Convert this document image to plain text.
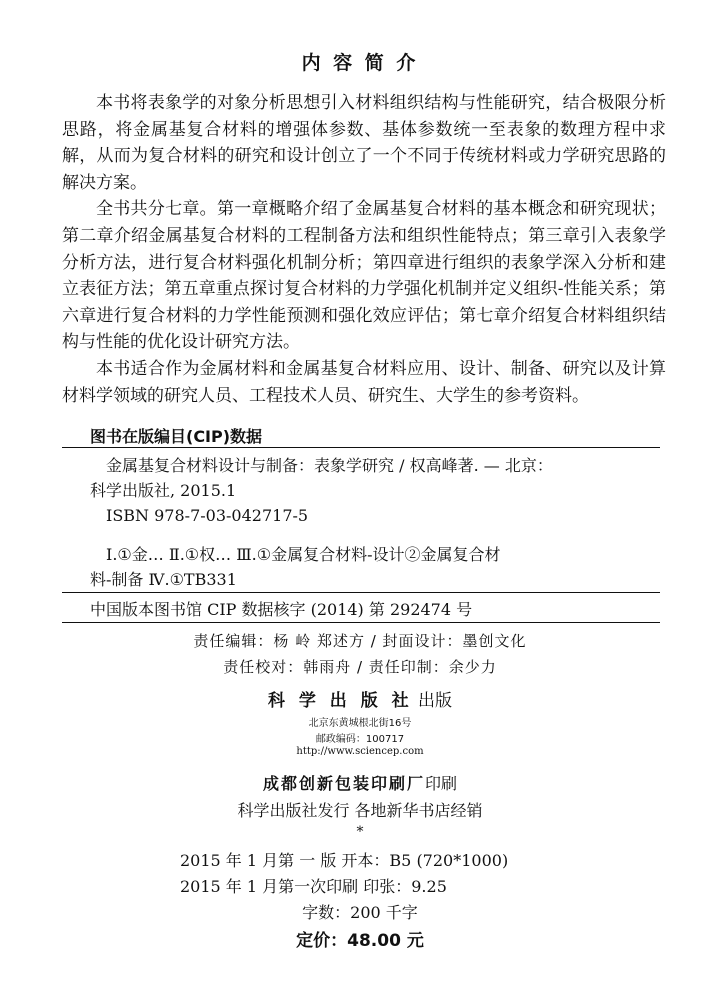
内 容 简 介

本书将表象学的对象分析思想引入材料组织结构与性能研究，结合极限分析思路，将金属基复合材料的增强体参数、基体参数统一至表象的数理方程中求解，从而为复合材料的研究和设计创立了一个不同于传统材料或力学研究思路的解决方案。

全书共分七章。第一章概略介绍了金属基复合材料的基本概念和研究现状；第二章介绍金属基复合材料的工程制备方法和组织性能特点；第三章引入表象学分析方法，进行复合材料强化机制分析；第四章进行组织的表象学深入分析和建立表征方法；第五章重点探讨复合材料的力学强化机制并定义组织-性能关系；第六章进行复合材料的力学性能预测和强化效应评估；第七章介绍复合材料组织结构与性能的优化设计研究方法。

本书适合作为金属材料和金属基复合材料应用、设计、制备、研究以及计算材料学领域的研究人员、工程技术人员、研究生、大学生的参考资料。

图书在版编目(CIP)数据
金属基复合材料设计与制备：表象学研究 / 权高峰著. — 北京：
科学出版社, 2015.1
ISBN 978-7-03-042717-5
Ⅰ.①金… Ⅱ.①权… Ⅲ.①金属复合材料-设计②金属复合材
料-制备 Ⅳ.①TB331
中国版本图书馆 CIP 数据核字 (2014) 第 292474 号
责任编辑：杨 岭 郑述方 / 封面设计：墨创文化
责任校对：韩雨舟 / 责任印制：余少力
科 学 出 版 社 出版
北京东黄城根北街16号
邮政编码：100717
http://www.sciencep.com
成都创新包装印刷厂印刷
科学出版社发行 各地新华书店经销
*
2015 年 1 月第 一 版 开本：B5 (720*1000)
2015 年 1 月第一次印刷 印张：9.25
字数：200 千字
定价：48.00 元
